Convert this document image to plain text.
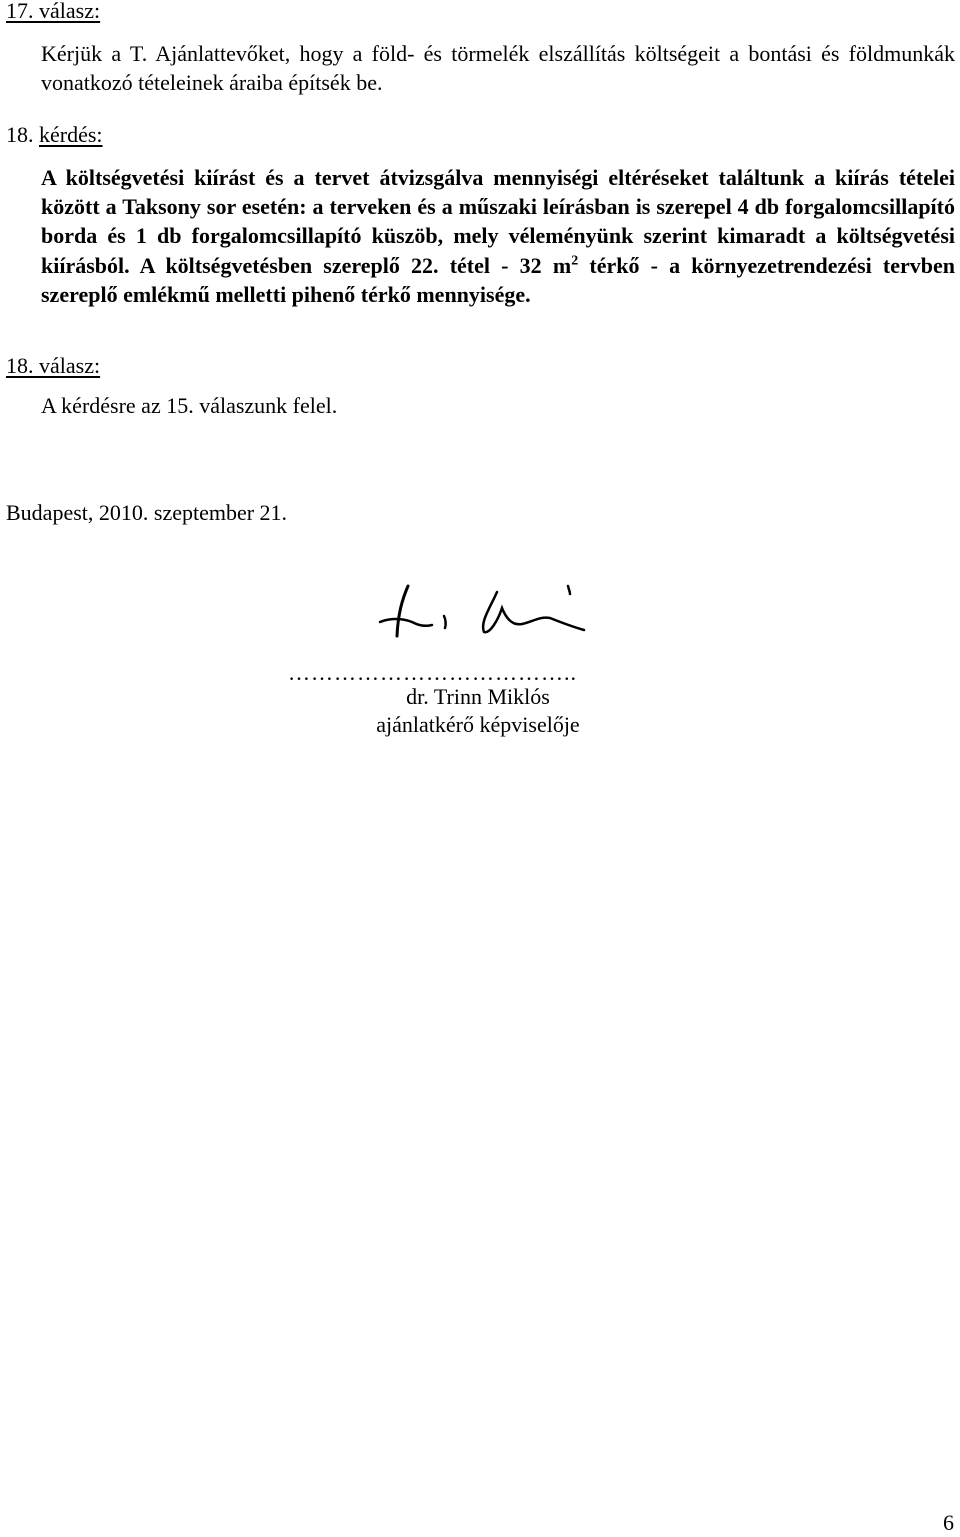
17. válasz:
Kérjük a T. Ajánlattevőket, hogy a föld- és törmelék elszállítás költségeit a bontási és földmunkák vonatkozó tételeinek áraiba építsék be.
18. kérdés:
A költségvetési kiírást és a tervet átvizsgálva mennyiségi eltéréseket találtunk a kiírás tételei között a Taksony sor esetén: a terveken és a műszaki leírásban is szerepel 4 db forgalomcsillapító borda és 1 db forgalomcsillapító küszöb, mely véleményünk szerint kimaradt a költségvetési kiírásból. A költségvetésben szereplő 22. tétel - 32 $m^2$ térkő - a környezetrendezési tervben szereplő emlékmű melletti pihenő térkő mennyisége.
18. válasz:
A kérdésre az 15. válaszunk felel.
Budapest, 2010. szeptember 21.
………………………………..
dr. Trinn Miklós
ajánlatkérő képviselője
6
